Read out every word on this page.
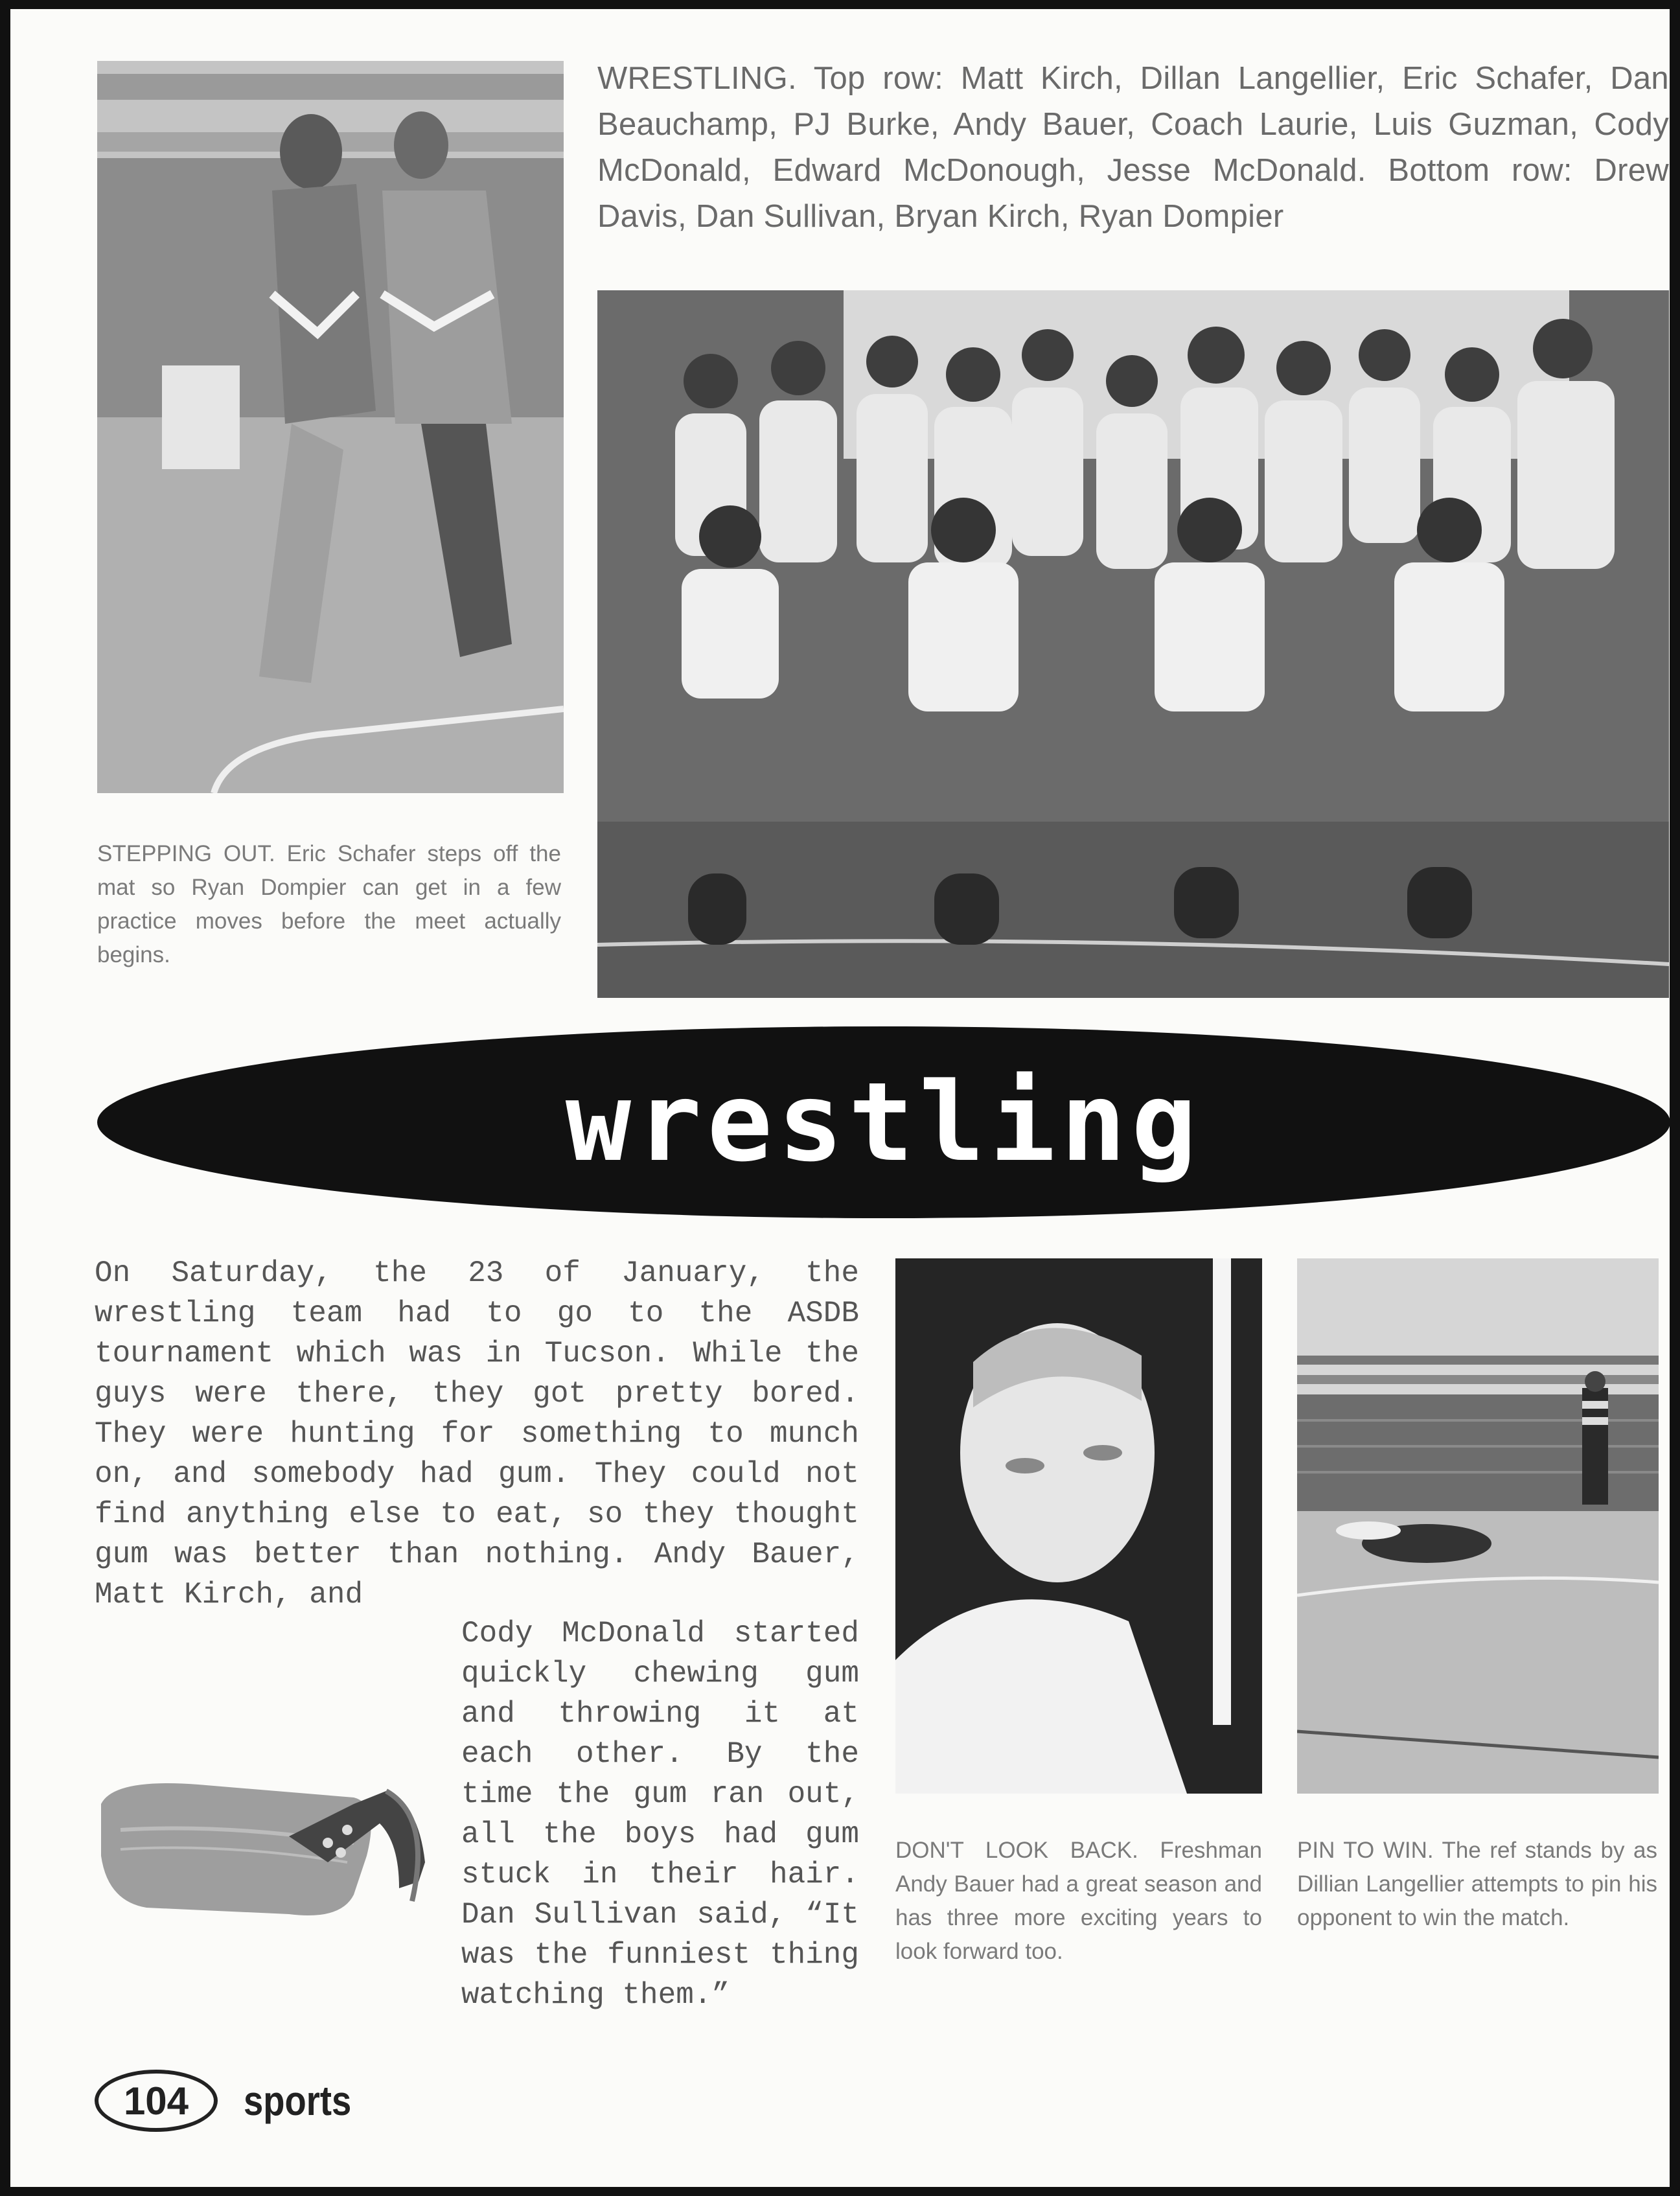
STEPPING OUT. Eric Schafer steps off the mat so Ryan Dompier can get in a few practice moves before the meet actually begins.
WRESTLING. Top row: Matt Kirch, Dillan Langellier, Eric Schafer, Dan Beauchamp, PJ Burke, Andy Bauer, Coach Laurie, Luis Guzman, Cody McDonald, Edward McDonough, Jesse McDonald. Bottom row: Drew Davis, Dan Sullivan, Bryan Kirch, Ryan Dompier
wrestling

On Saturday, the 23 of January, the wrestling team had to go to the ASDB tournament which was in Tucson. While the guys were there, they got pretty bored. They were hunting for something to munch on, and somebody had gum. They could not find anything else to eat, so they thought gum was better than nothing. Andy Bauer, Matt Kirch, and

Cody McDonald started quickly chewing gum and throwing it at each other. By the time the gum ran out, all the boys had gum stuck in their hair. Dan Sullivan said, “It was the funniest thing watching them.”

DON'T LOOK BACK. Freshman Andy Bauer had a great season and has three more exciting years to look forward too.
PIN TO WIN. The ref stands by as Dillian Langellier attempts to pin his opponent to win the match.
104	sports
